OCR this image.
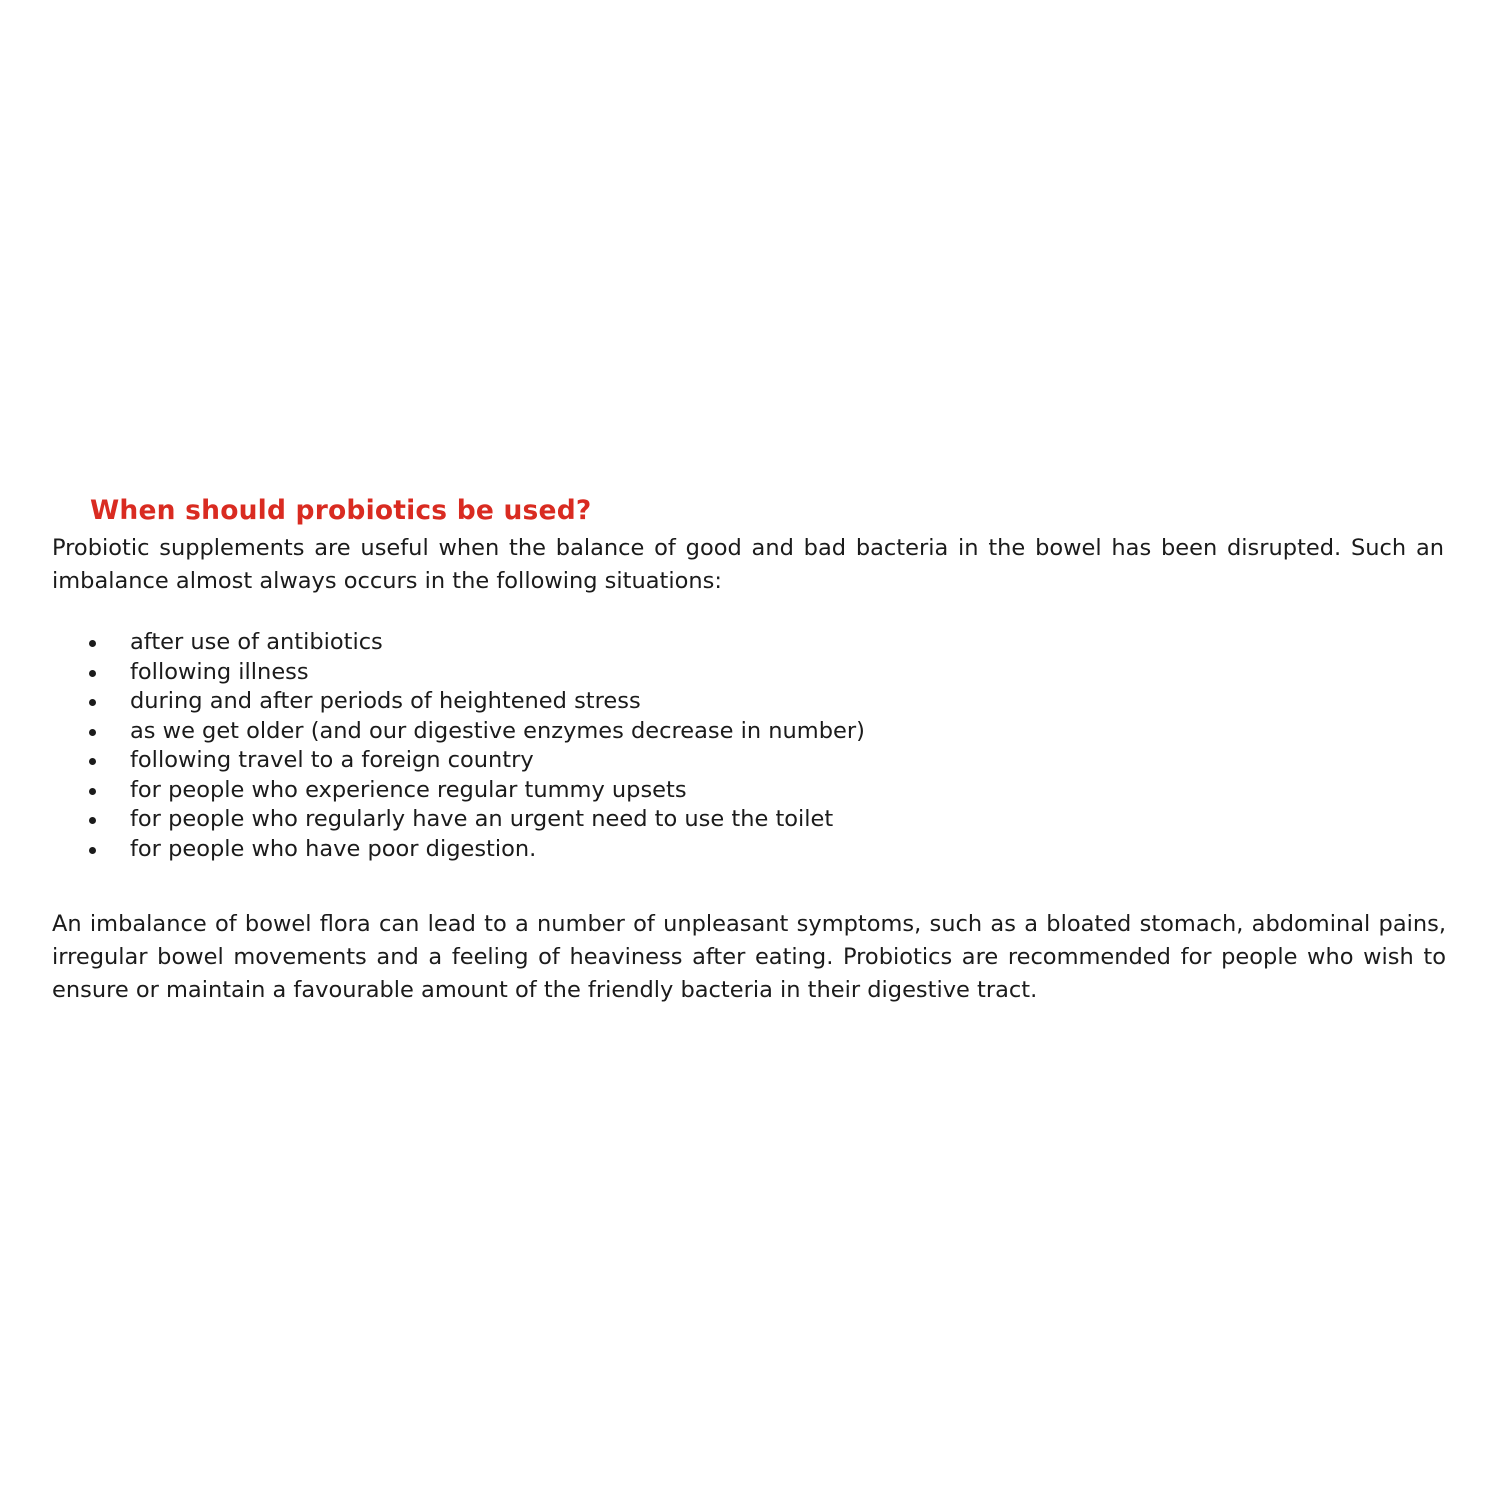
When should probiotics be used?

Probiotic supplements are useful when the balance of good and bad bacteria in the bowel has been disrupted. Such an imbalance almost always occurs in the following situations:

after use of antibiotics
following illness
during and after periods of heightened stress
as we get older (and our digestive enzymes decrease in number)
following travel to a foreign country
for people who experience regular tummy upsets
for people who regularly have an urgent need to use the toilet
for people who have poor digestion.

An imbalance of bowel flora can lead to a number of unpleasant symptoms, such as a bloated stomach, abdominal pains, irregular bowel movements and a feeling of heaviness after eating. Probiotics are recommended for people who wish to ensure or maintain a favourable amount of the friendly bacteria in their digestive tract.
